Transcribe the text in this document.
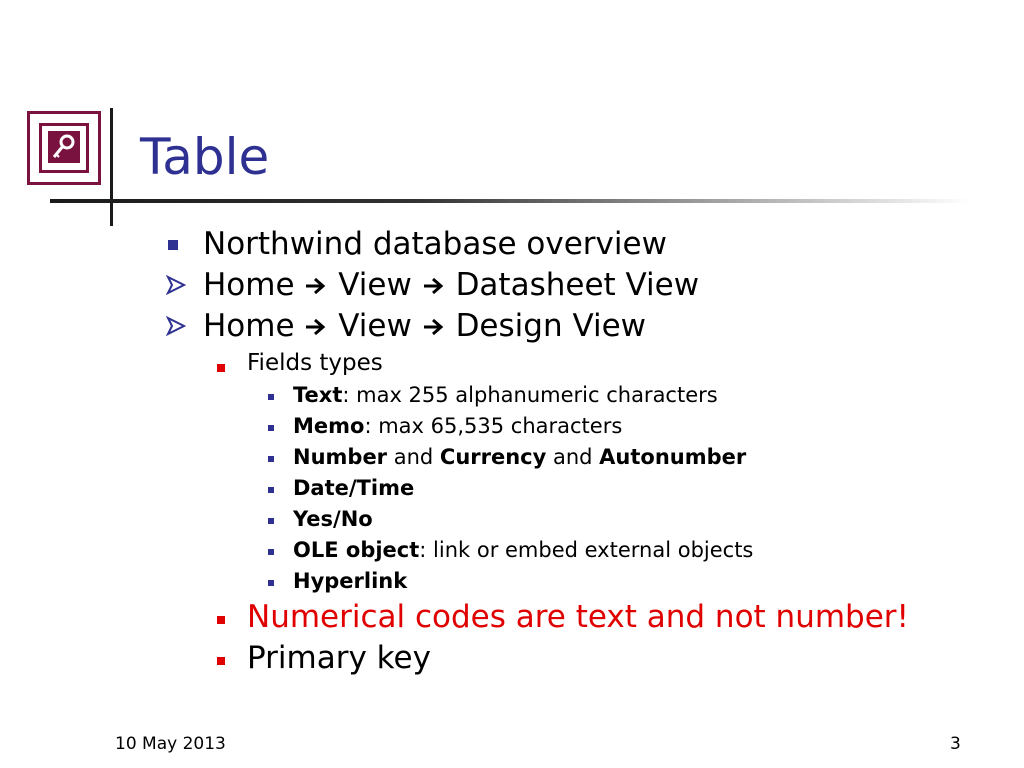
Table
Northwind database overview
Home View Datasheet View
Home View Design View
Fields types
Text: max 255 alphanumeric characters
Memo: max 65,535 characters
Number and Currency and Autonumber
Date/Time
Yes/No
OLE object: link or embed external objects
Hyperlink
Numerical codes are text and not number!
Primary key
10 May 2013	3
